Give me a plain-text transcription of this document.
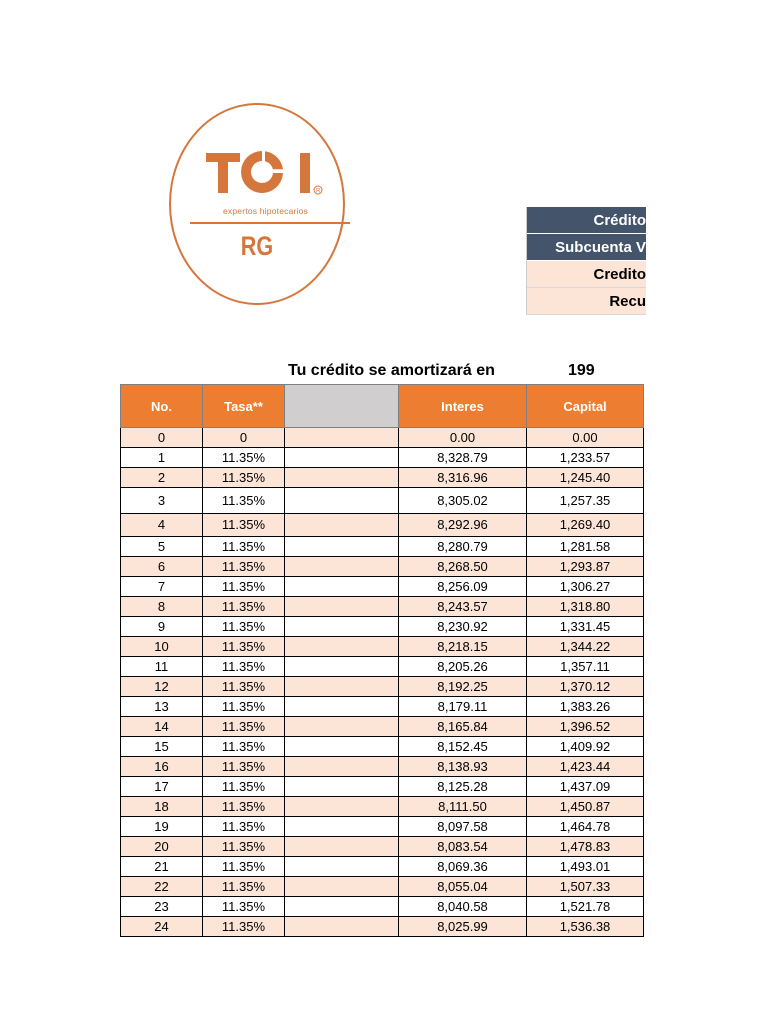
R
expertos hipotecarios
RG
Crédito
Subcuenta V
Credito
Recu
Tu crédito se amortizará en	199
No.	Tasa**		Interes	Capital
0	0		0.00	0.00
1	11.35%		8,328.79	1,233.57
2	11.35%		8,316.96	1,245.40
3	11.35%		8,305.02	1,257.35
4	11.35%		8,292.96	1,269.40
5	11.35%		8,280.79	1,281.58
6	11.35%		8,268.50	1,293.87
7	11.35%		8,256.09	1,306.27
8	11.35%		8,243.57	1,318.80
9	11.35%		8,230.92	1,331.45
10	11.35%		8,218.15	1,344.22
11	11.35%		8,205.26	1,357.11
12	11.35%		8,192.25	1,370.12
13	11.35%		8,179.11	1,383.26
14	11.35%		8,165.84	1,396.52
15	11.35%		8,152.45	1,409.92
16	11.35%		8,138.93	1,423.44
17	11.35%		8,125.28	1,437.09
18	11.35%		8,111.50	1,450.87
19	11.35%		8,097.58	1,464.78
20	11.35%		8,083.54	1,478.83
21	11.35%		8,069.36	1,493.01
22	11.35%		8,055.04	1,507.33
23	11.35%		8,040.58	1,521.78
24	11.35%		8,025.99	1,536.38
